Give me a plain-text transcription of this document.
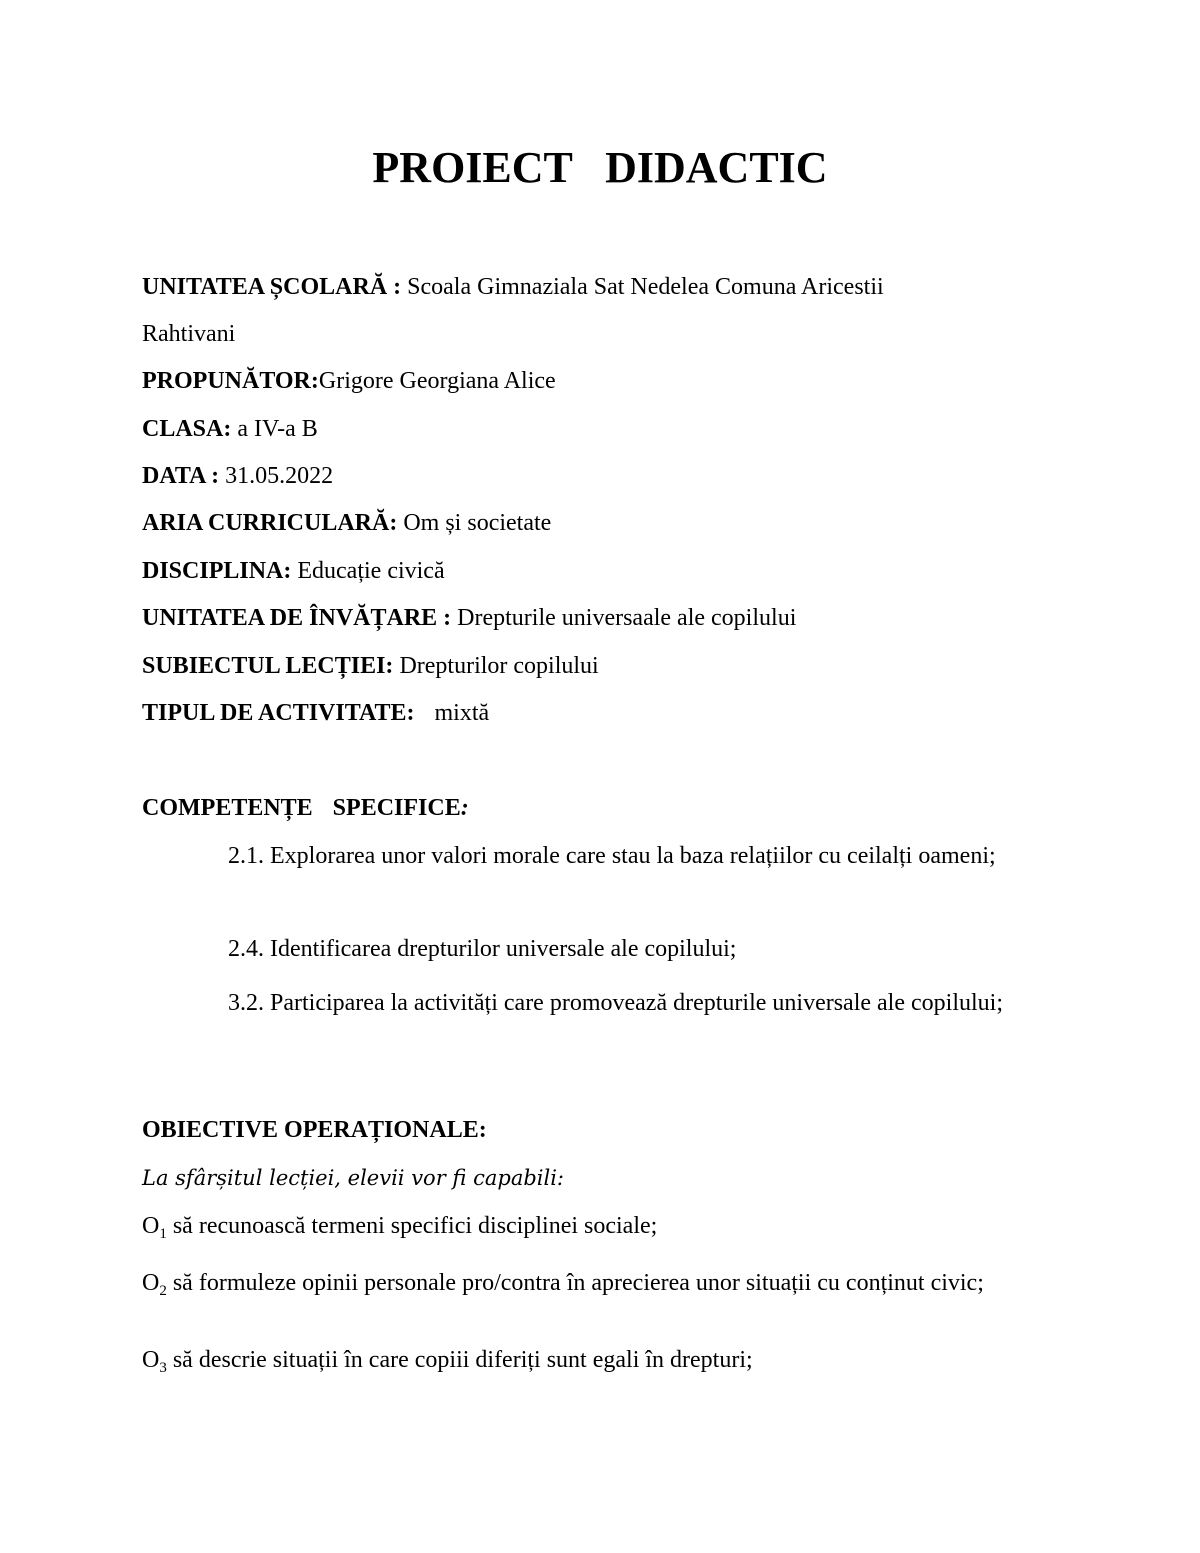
PROIECT DIDACTIC

UNITATEA ȘCOLARĂ : Scoala Gimnaziala Sat Nedelea Comuna Aricestii

Rahtivani

PROPUNĂTOR:Grigore Georgiana Alice

CLASA: a IV-a B

DATA : 31.05.2022

ARIA CURRICULARĂ: Om și societate

DISCIPLINA: Educație civică

UNITATEA DE ÎNVĂȚARE : Drepturile universaale ale copilului

SUBIECTUL LECȚIEI: Drepturilor copilului

TIPUL DE ACTIVITATE: mixtă

COMPETENȚE SPECIFICE:

2.1. Explorarea unor valori morale care stau la baza relațiilor cu ceilalți oameni;

2.4. Identificarea drepturilor universale ale copilului;

3.2. Participarea la activități care promovează drepturile universale ale copilului;

OBIECTIVE OPERAȚIONALE:

La sfârșitul lecției, elevii vor fi capabili:

$O_1$ să recunoască termeni specifici disciplinei sociale;

$O_2$ să formuleze opinii personale pro/contra în aprecierea unor situații cu conținut civic;

$O_3$ să descrie situații în care copiii diferiți sunt egali în drepturi;
